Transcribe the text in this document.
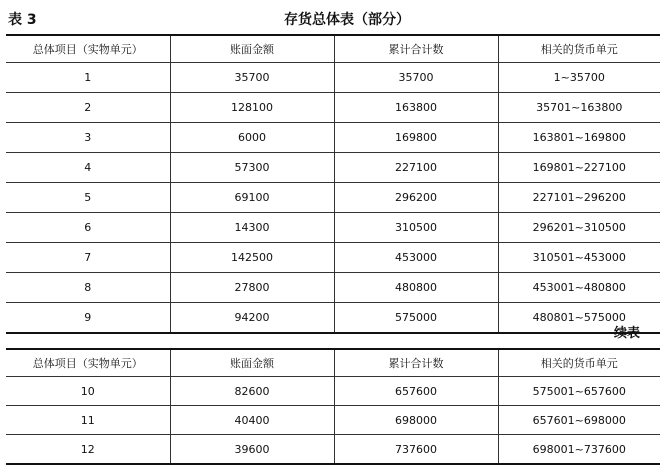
表 3	存货总体表（部分）
总体项目（实物单元）	账面金额	累计合计数	相关的货币单元
1	35700	35700	1~35700
2	128100	163800	35701~163800
3	6000	169800	163801~169800
4	57300	227100	169801~227100
5	69100	296200	227101~296200
6	14300	310500	296201~310500
7	142500	453000	310501~453000
8	27800	480800	453001~480800
9	94200	575000	480801~575000
续表
总体项目（实物单元）	账面金额	累计合计数	相关的货币单元
10	82600	657600	575001~657600
11	40400	698000	657601~698000
12	39600	737600	698001~737600
